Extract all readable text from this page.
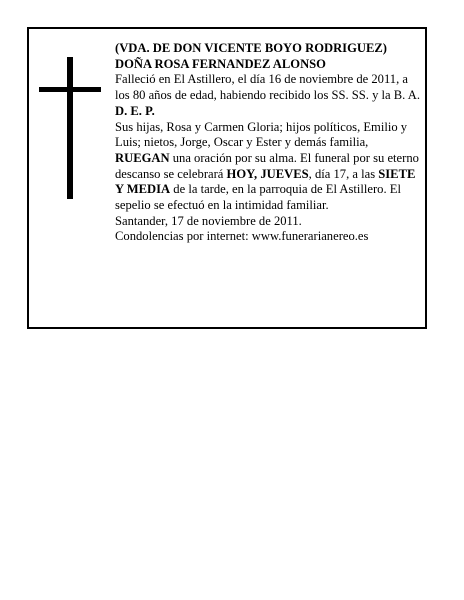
(VDA. DE DON VICENTE BOYO RODRIGUEZ)

DOÑA ROSA FERNANDEZ ALONSO

Falleció en El Astillero, el día 16 de noviembre de 2011, a los 80 años de edad, habiendo recibido los SS. SS. y la B. A.

D. E. P.

Sus hijas, Rosa y Carmen Gloria; hijos políticos, Emilio y Luis; nietos, Jorge, Oscar y Ester y demás familia,

RUEGAN una oración por su alma. El funeral por su eterno descanso se celebrará HOY, JUEVES, día 17, a las SIETE Y MEDIA de la tarde, en la parroquia de El Astillero. El sepelio se efectuó en la intimidad familiar.

Santander, 17 de noviembre de 2011.

Condolencias por internet: www.funerarianereo.es
